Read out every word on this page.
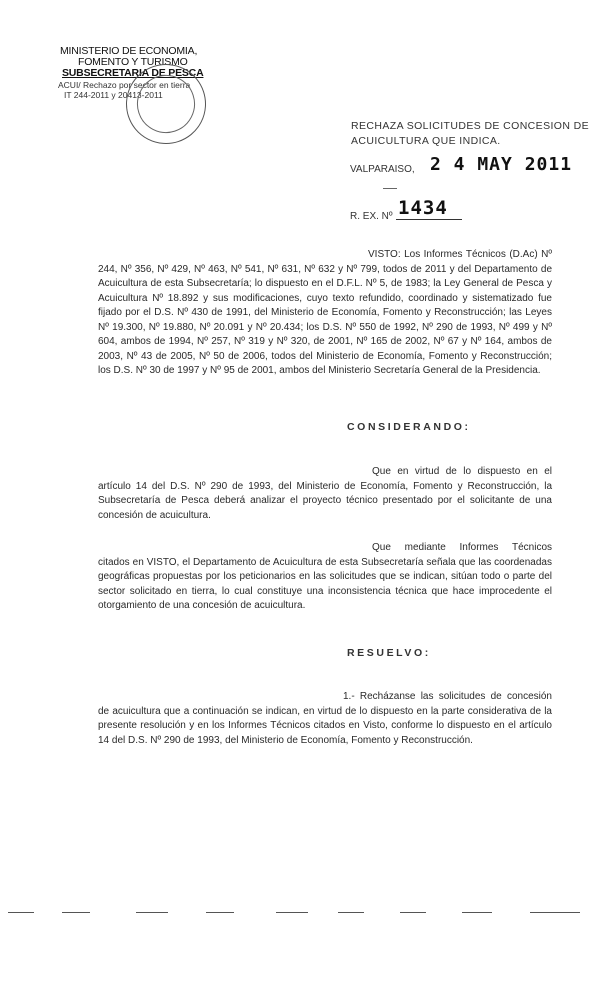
MINISTERIO DE ECONOMIA,
FOMENTO Y TURISMO
SUBSECRETARIA DE PESCA
ACUI/ Rechazo por sector en tierra
IT 244-2011 y 20413-2011
RECHAZA SOLICITUDES DE CONCESION DE
ACUICULTURA QUE INDICA.
VALPARAISO, 2 4 MAY 2011
R. EX. Nº 1434
VISTO: Los Informes Técnicos (D.Ac) Nº 244, Nº 356, Nº 429, Nº 463, Nº 541, Nº 631, Nº 632 y Nº 799, todos de 2011 y del Departamento de Acuicultura de esta Subsecretaría; lo dispuesto en el D.F.L. Nº 5, de 1983; la Ley General de Pesca y Acuicultura Nº 18.892 y sus modificaciones, cuyo texto refundido, coordinado y sistematizado fue fijado por el D.S. Nº 430 de 1991, del Ministerio de Economía, Fomento y Reconstrucción; las Leyes Nº 19.300, Nº 19.880, Nº 20.091 y Nº 20.434; los D.S. Nº 550 de 1992, Nº 290 de 1993, Nº 499 y Nº 604, ambos de 1994, Nº 257, Nº 319 y Nº 320, de 2001, Nº 165 de 2002, Nº 67 y Nº 164, ambos de 2003, Nº 43 de 2005, Nº 50 de 2006, todos del Ministerio de Economía, Fomento y Reconstrucción; los D.S. Nº 30 de 1997 y Nº 95 de 2001, ambos del Ministerio Secretaría General de la Presidencia.
CONSIDERANDO:
Que en virtud de lo dispuesto en el artículo 14 del D.S. Nº 290 de 1993, del Ministerio de Economía, Fomento y Reconstrucción, la Subsecretaría de Pesca deberá analizar el proyecto técnico presentado por el solicitante de una concesión de acuicultura.
Que mediante Informes Técnicos citados en VISTO, el Departamento de Acuicultura de esta Subsecretaría señala que las coordenadas geográficas propuestas por los peticionarios en las solicitudes que se indican, sitúan todo o parte del sector solicitado en tierra, lo cual constituye una inconsistencia técnica que hace improcedente el otorgamiento de una concesión de acuicultura.
RESUELVO:
1.- Recházanse las solicitudes de concesión de acuicultura que a continuación se indican, en virtud de lo dispuesto en la parte considerativa de la presente resolución y en los Informes Técnicos citados en Visto, conforme lo dispuesto en el artículo 14 del D.S. Nº 290 de 1993, del Ministerio de Economía, Fomento y Reconstrucción.
